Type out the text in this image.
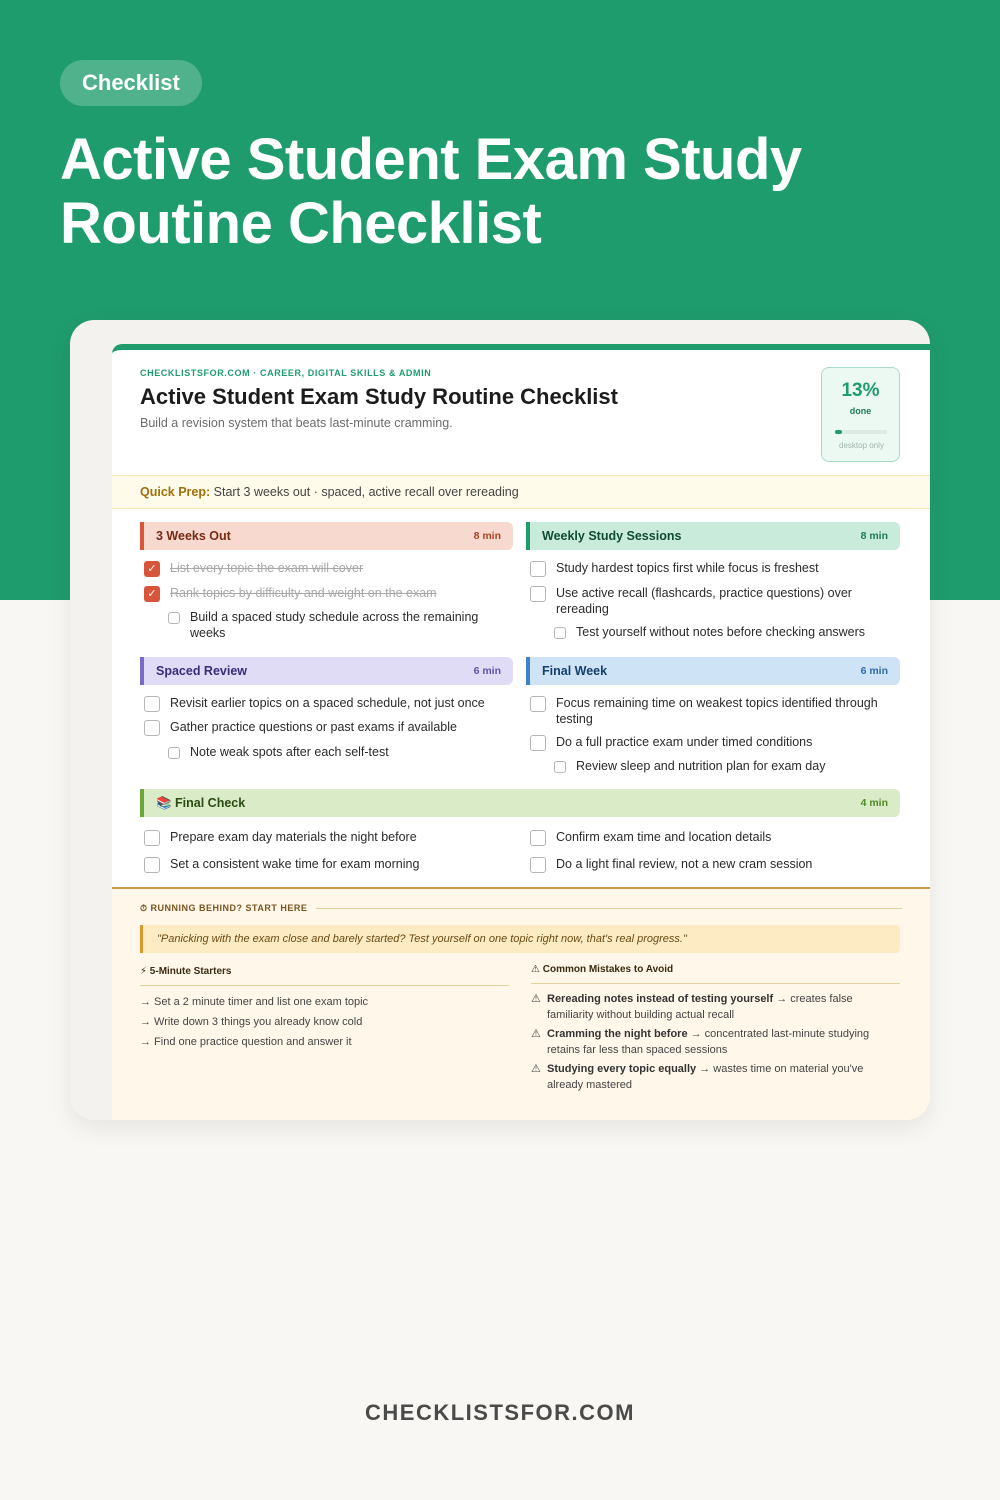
Checklist
Active Student Exam Study Routine Checklist
CHECKLISTSFOR.COM · CAREER, DIGITAL SKILLS & ADMIN
Active Student Exam Study Routine Checklist
Build a revision system that beats last-minute cramming.
13%
done
desktop only
Quick Prep: Start 3 weeks out · spaced, active recall over rereading
3 Weeks Out	8 min
✓ List every topic the exam will cover
✓ Rank topics by difficulty and weight on the exam
Build a spaced study schedule across the remaining weeks
Weekly Study Sessions	8 min
Study hardest topics first while focus is freshest
Use active recall (flashcards, practice questions) over rereading
Test yourself without notes before checking answers
Spaced Review	6 min
Revisit earlier topics on a spaced schedule, not just once
Gather practice questions or past exams if available
Note weak spots after each self-test
Final Week	6 min
Focus remaining time on weakest topics identified through testing
Do a full practice exam under timed conditions
Review sleep and nutrition plan for exam day
📚 Final Check	4 min
Prepare exam day materials the night before
Set a consistent wake time for exam morning
Confirm exam time and location details
Do a light final review, not a new cram session
⏱ RUNNING BEHIND? START HERE
"Panicking with the exam close and barely started? Test yourself on one topic right now, that's real progress."
⚡ 5-Minute Starters
→ Set a 2 minute timer and list one exam topic
→ Write down 3 things you already know cold
→ Find one practice question and answer it
⚠ Common Mistakes to Avoid
⚠ Rereading notes instead of testing yourself → creates false familiarity without building actual recall
⚠ Cramming the night before → concentrated last-minute studying retains far less than spaced sessions
⚠ Studying every topic equally → wastes time on material you've already mastered
CHECKLISTSFOR.COM
